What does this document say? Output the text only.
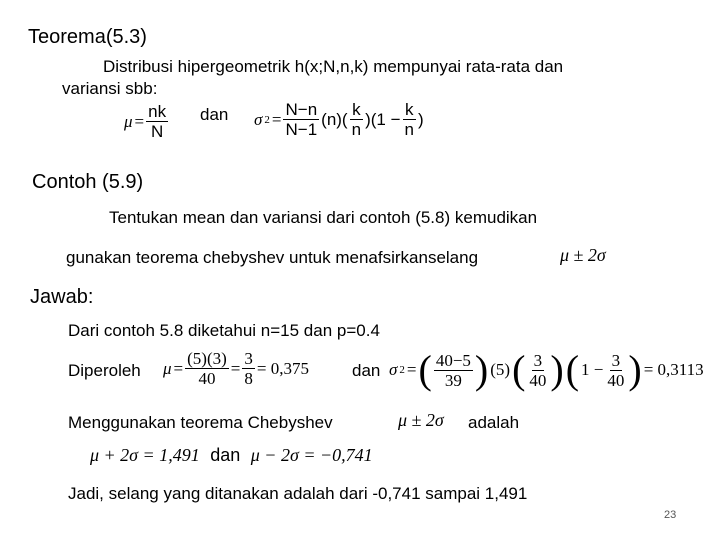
Teorema(5.3)
Distribusi hipergeometrik h(x;N,n,k) mempunyai rata-rata dan
variansi sbb:
$\mu = \frac{nk}{N}$ dan σ $2 = \frac{N-n}{N-1} (n)( \frac{k}{n} )(1 - \frac{k}{n}$ )
Contoh (5.9)
Tentukan mean dan variansi dari contoh (5.8) kemudikan
gunakan teorema chebyshev untuk menafsirkanselang	μ ± 2σ
Jawab:
Dari contoh 5.8 diketahui n=15 dan p=0.4
Diperoleh $\mu = \frac{(5)(3)}{40} = \frac{3}{8} = 0,375$	dan σ 2 = ( $\frac{40-5}{39}$ ) (5) ( $\frac{3}{40}$ ) ( $1 - \frac{3}{40}$ ) = 0,3113
Menggunakan teorema Chebyshev	μ ± 2σ adalah
μ + 2σ = 1,491 dan μ − 2σ = −0,741
Jadi, selang yang ditanakan adalah dari -0,741 sampai 1,491
23
